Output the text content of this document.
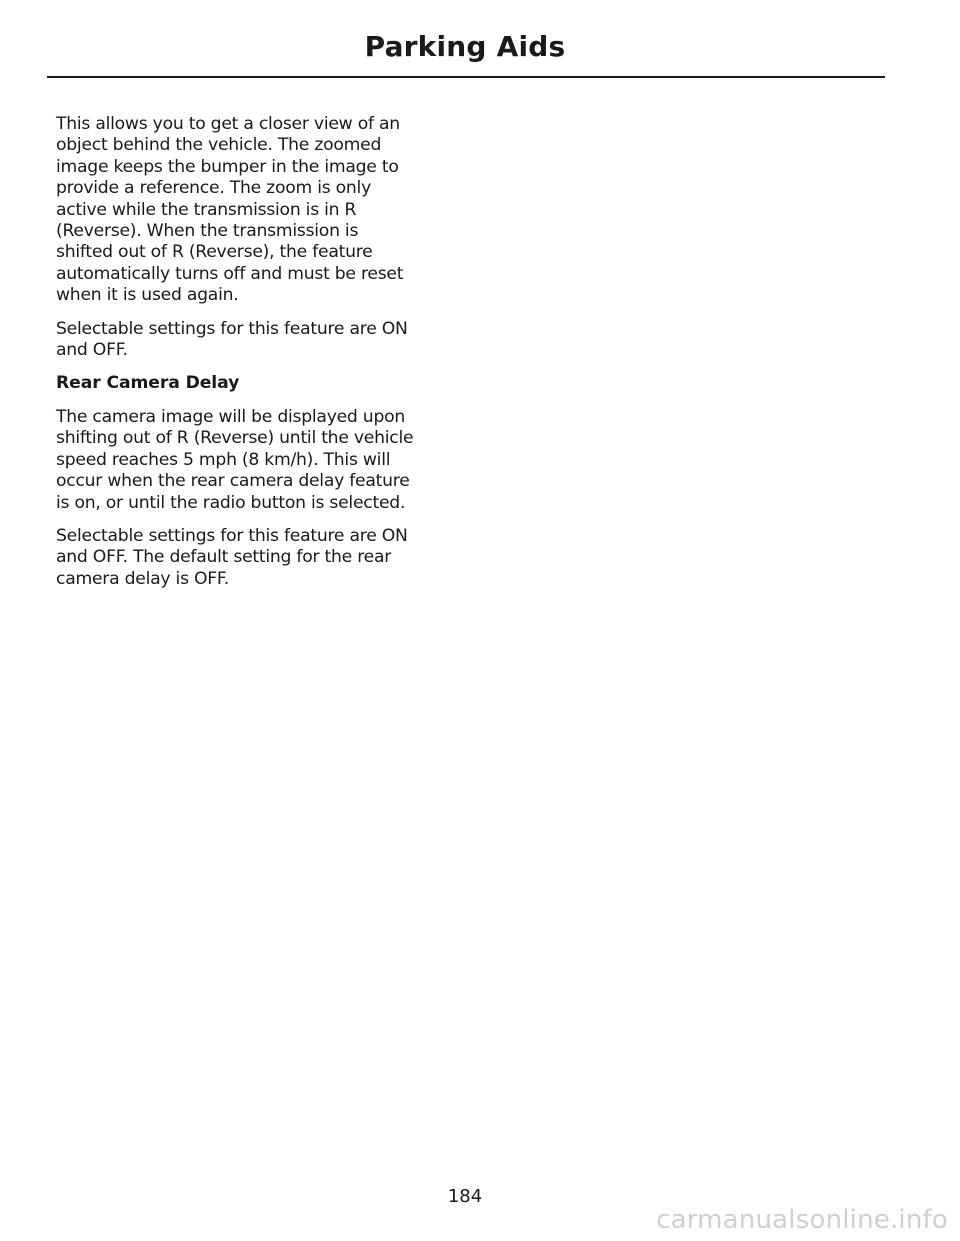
Parking Aids

This allows you to get a closer view of an
object behind the vehicle. The zoomed
image keeps the bumper in the image to
provide a reference. The zoom is only
active while the transmission is in R
(Reverse). When the transmission is
shifted out of R (Reverse), the feature
automatically turns off and must be reset
when it is used again.

Selectable settings for this feature are ON
and OFF.

Rear Camera Delay

The camera image will be displayed upon
shifting out of R (Reverse) until the vehicle
speed reaches 5 mph (8 km/h). This will
occur when the rear camera delay feature
is on, or until the radio button is selected.

Selectable settings for this feature are ON
and OFF. The default setting for the rear
camera delay is OFF.

184
carmanualsonline.info
